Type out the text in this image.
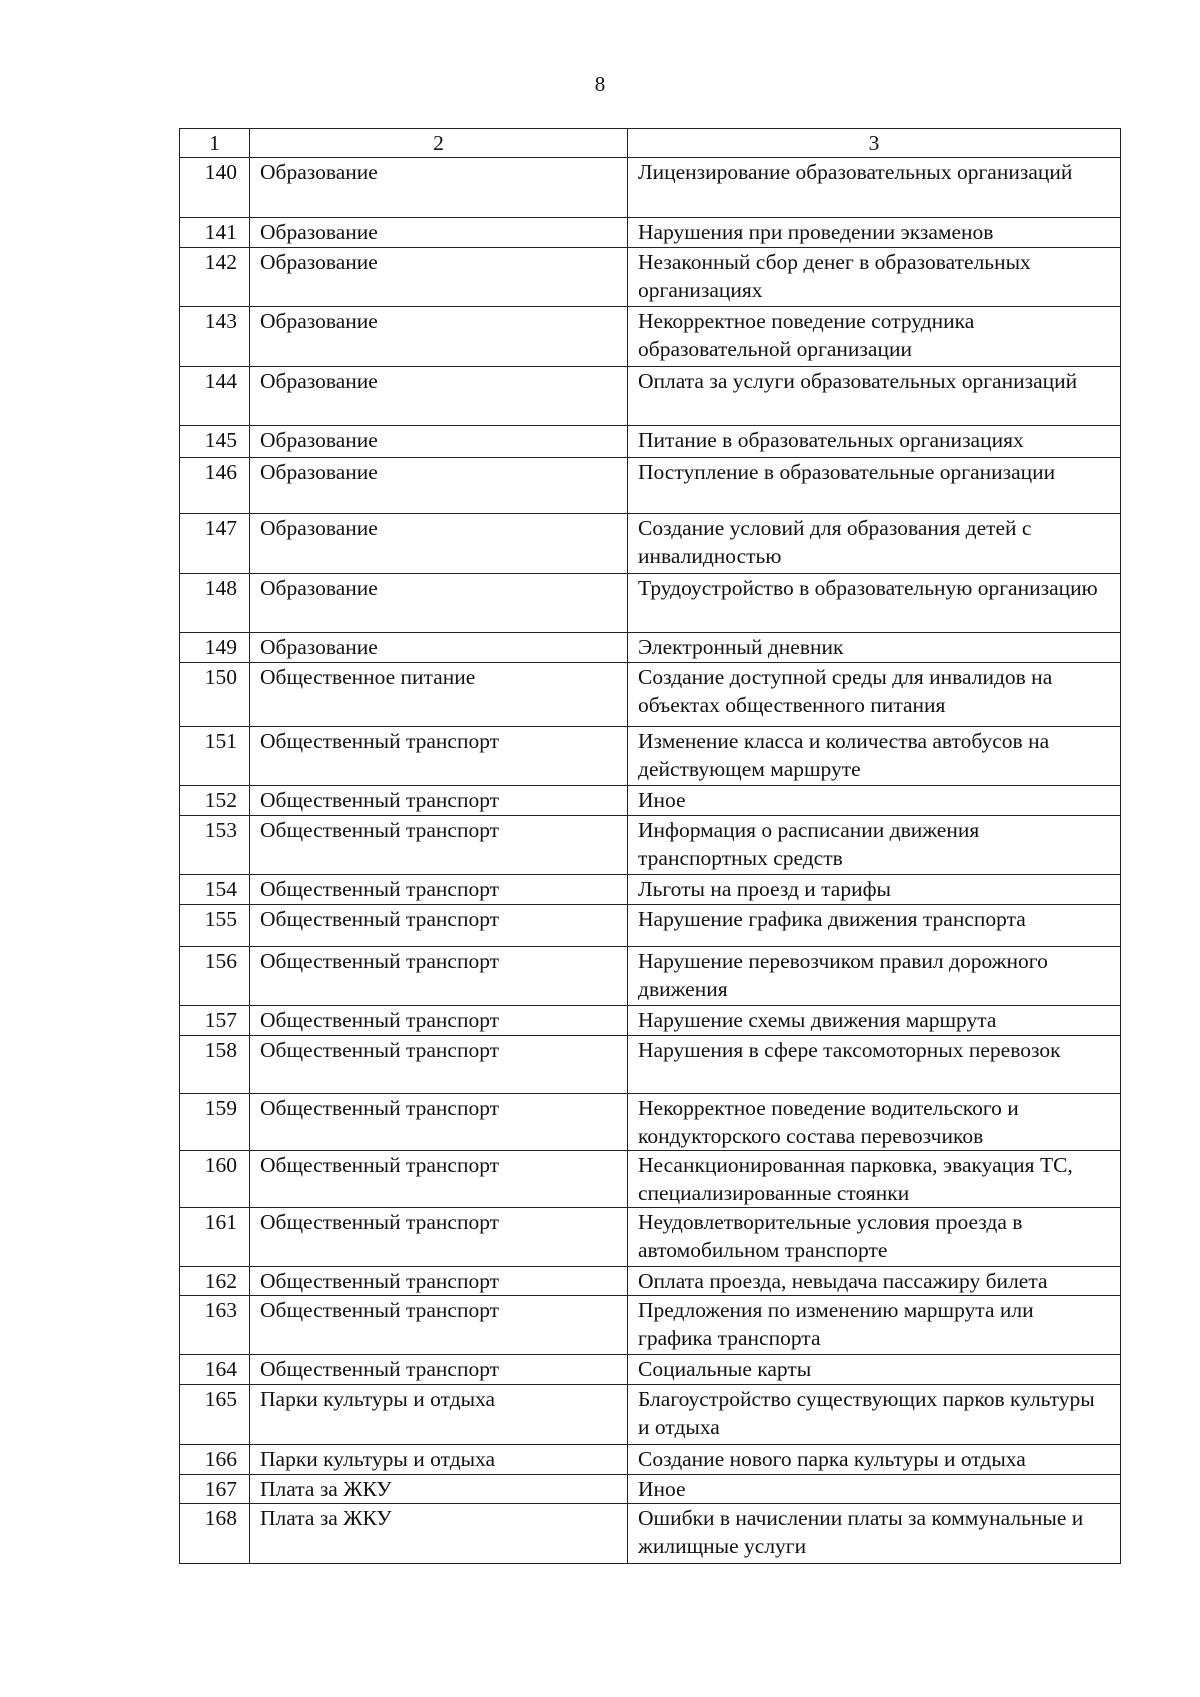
8
1	2	3
140	Образование	Лицензирование образовательных организаций
141	Образование	Нарушения при проведении экзаменов
142	Образование	Незаконный сбор денег в образовательных организациях
143	Образование	Некорректное поведение сотрудника образовательной организации
144	Образование	Оплата за услуги образовательных организаций
145	Образование	Питание в образовательных организациях
146	Образование	Поступление в образовательные организации
147	Образование	Создание условий для образования детей с инвалидностью
148	Образование	Трудоустройство в образовательную организацию
149	Образование	Электронный дневник
150	Общественное питание	Создание доступной среды для инвалидов на объектах общественного питания
151	Общественный транспорт	Изменение класса и количества автобусов на действующем маршруте
152	Общественный транспорт	Иное
153	Общественный транспорт	Информация о расписании движения транспортных средств
154	Общественный транспорт	Льготы на проезд и тарифы
155	Общественный транспорт	Нарушение графика движения транспорта
156	Общественный транспорт	Нарушение перевозчиком правил дорожного движения
157	Общественный транспорт	Нарушение схемы движения маршрута
158	Общественный транспорт	Нарушения в сфере таксомоторных перевозок
159	Общественный транспорт	Некорректное поведение водительского и кондукторского состава перевозчиков
160	Общественный транспорт	Несанкционированная парковка, эвакуация ТС, специализированные стоянки
161	Общественный транспорт	Неудовлетворительные условия проезда в автомобильном транспорте
162	Общественный транспорт	Оплата проезда, невыдача пассажиру билета
163	Общественный транспорт	Предложения по изменению маршрута или графика транспорта
164	Общественный транспорт	Социальные карты
165	Парки культуры и отдыха	Благоустройство существующих парков культуры и отдыха
166	Парки культуры и отдыха	Создание нового парка культуры и отдыха
167	Плата за ЖКУ	Иное
168	Плата за ЖКУ	Ошибки в начислении платы за коммунальные и жилищные услуги
